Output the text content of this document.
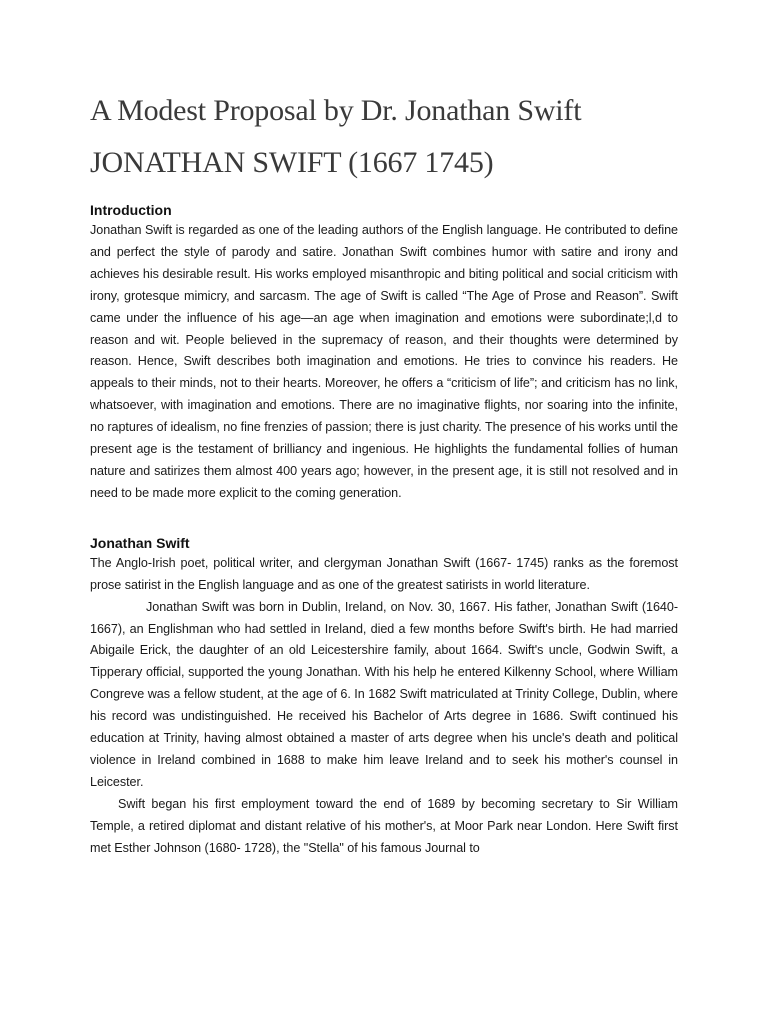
A Modest Proposal by Dr. Jonathan Swift
JONATHAN SWIFT (1667 1745)
Introduction

Jonathan Swift is regarded as one of the leading authors of the English language. He contributed to define and perfect the style of parody and satire. Jonathan Swift combines humor with satire and irony and achieves his desirable result. His works employed misanthropic and biting political and social criticism with irony, grotesque mimicry, and sarcasm. The age of Swift is called “The Age of Prose and Reason”. Swift came under the influence of his age—an age when imagination and emotions were subordinate;l,d to reason and wit. People believed in the supremacy of reason, and their thoughts were determined by reason. Hence, Swift describes both imagination and emotions. He tries to convince his readers. He appeals to their minds, not to their hearts. Moreover, he offers a “criticism of life”; and criticism has no link, whatsoever, with imagination and emotions. There are no imaginative flights, nor soaring into the infinite, no raptures of idealism, no fine frenzies of passion; there is just charity. The presence of his works until the present age is the testament of brilliancy and ingenious. He highlights the fundamental follies of human nature and satirizes them almost 400 years ago; however, in the present age, it is still not resolved and in need to be made more explicit to the coming generation.

Jonathan Swift

The Anglo-Irish poet, political writer, and clergyman Jonathan Swift (1667- 1745) ranks as the foremost prose satirist in the English language and as one of the greatest satirists in world literature.

Jonathan Swift was born in Dublin, Ireland, on Nov. 30, 1667. His father, Jonathan Swift (1640-1667), an Englishman who had settled in Ireland, died a few months before Swift's birth. He had married Abigaile Erick, the daughter of an old Leicestershire family, about 1664. Swift's uncle, Godwin Swift, a Tipperary official, supported the young Jonathan. With his help he entered Kilkenny School, where William Congreve was a fellow student, at the age of 6. In 1682 Swift matriculated at Trinity College, Dublin, where his record was undistinguished. He received his Bachelor of Arts degree in 1686. Swift continued his education at Trinity, having almost obtained a master of arts degree when his uncle's death and political violence in Ireland combined in 1688 to make him leave Ireland and to seek his mother's counsel in Leicester.

Swift began his first employment toward the end of 1689 by becoming secretary to Sir William Temple, a retired diplomat and distant relative of his mother's, at Moor Park near London. Here Swift first met Esther Johnson (1680- 1728), the "Stella" of his famous Journal to
